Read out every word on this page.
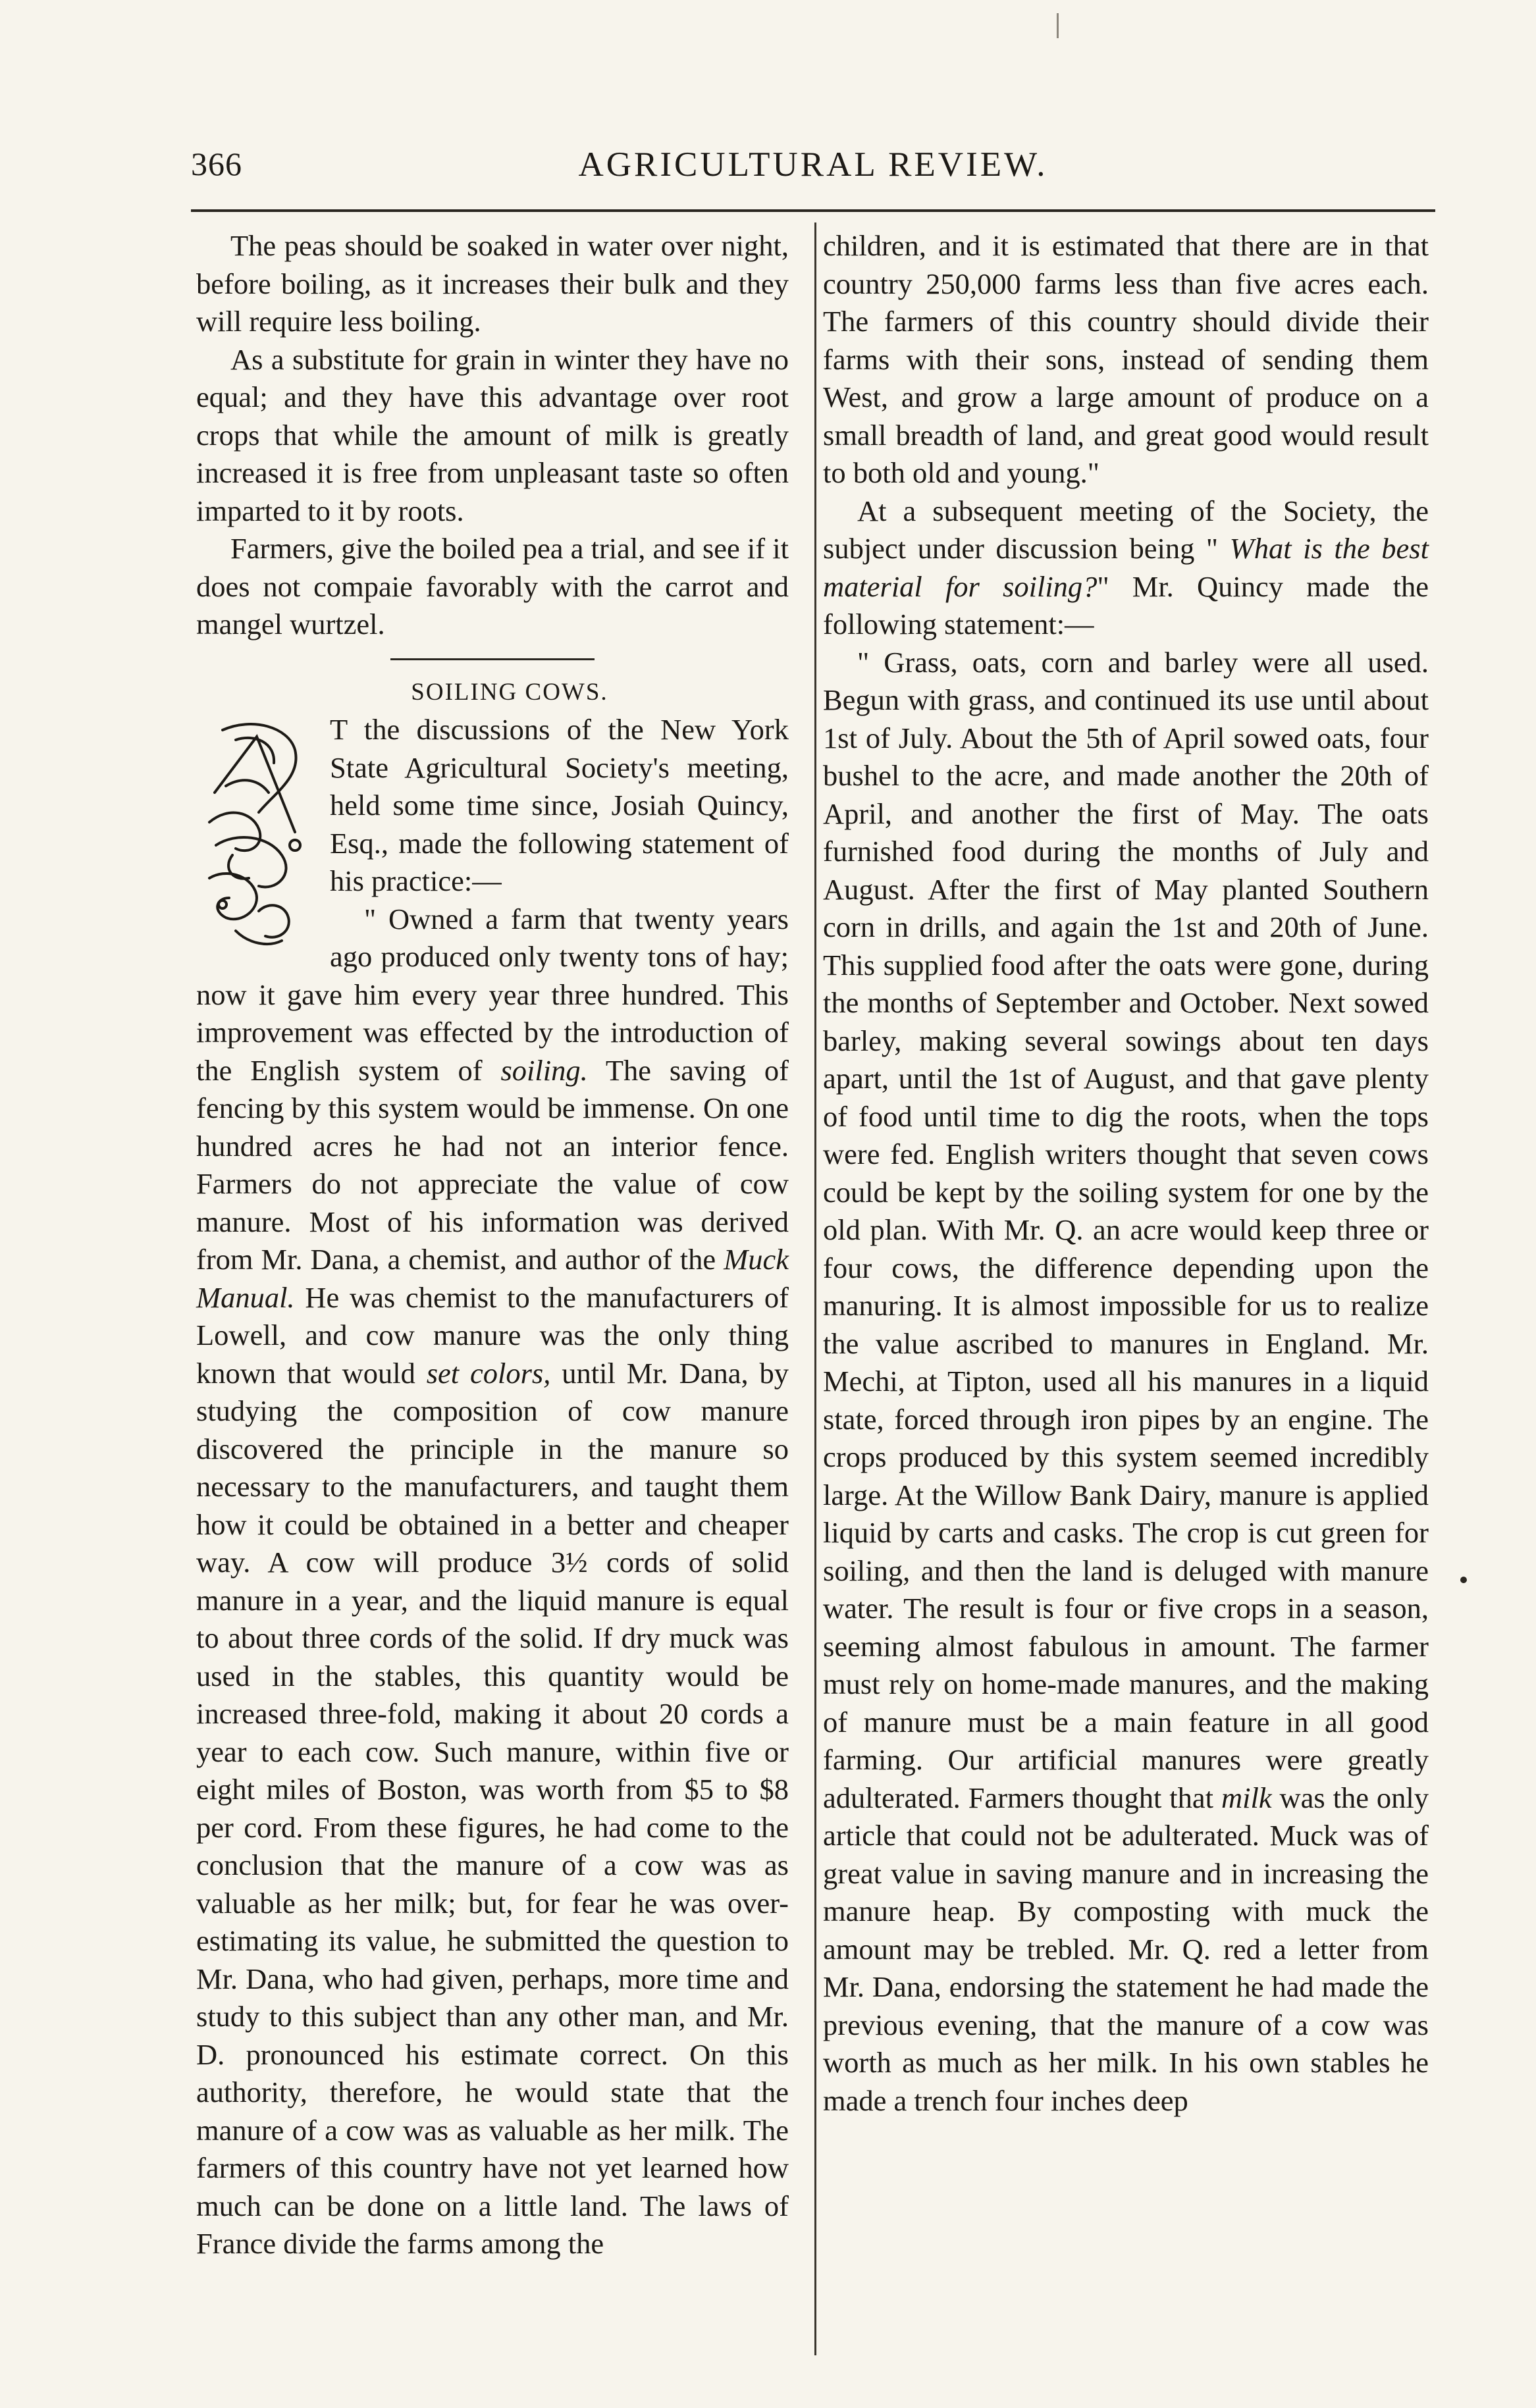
366	AGRICULTURAL REVIEW.

The peas should be soaked in water over night, before boiling, as it increases their bulk and they will require less boiling.

As a substitute for grain in winter they have no equal; and they have this advantage over root crops that while the amount of milk is greatly increased it is free from unpleasant taste so often imparted to it by roots.

Farmers, give the boiled pea a trial, and see if it does not compaie favorably with the carrot and mangel wurtzel.

SOILING COWS.

T the discussions of the New York State Agricultural Society's meeting, held some time since, Josiah Quincy, Esq., made the following statement of his practice:—

" Owned a farm that twenty years ago produced only twenty tons of hay; now it gave him every year three hundred. This improvement was effected by the introduction of the English system of soiling. The saving of fencing by this system would be immense. On one hundred acres he had not an interior fence. Farmers do not appreciate the value of cow manure. Most of his information was derived from Mr. Dana, a chemist, and author of the Muck Manual. He was chemist to the manufacturers of Lowell, and cow manure was the only thing known that would set colors, until Mr. Dana, by studying the composition of cow manure discovered the principle in the manure so necessary to the manufacturers, and taught them how it could be obtained in a better and cheaper way. A cow will produce 3½ cords of solid manure in a year, and the liquid manure is equal to about three cords of the solid. If dry muck was used in the stables, this quantity would be increased three-fold, making it about 20 cords a year to each cow. Such manure, within five or eight miles of Boston, was worth from $5 to $8 per cord. From these figures, he had come to the conclusion that the manure of a cow was as valuable as her milk; but, for fear he was over-estimating its value, he submitted the question to Mr. Dana, who had given, perhaps, more time and study to this subject than any other man, and Mr. D. pronounced his estimate correct. On this authority, therefore, he would state that the manure of a cow was as valuable as her milk. The farmers of this country have not yet learned how much can be done on a little land. The laws of France divide the farms among the

children, and it is estimated that there are in that country 250,000 farms less than five acres each. The farmers of this country should divide their farms with their sons, instead of sending them West, and grow a large amount of produce on a small breadth of land, and great good would result to both old and young."

At a subsequent meeting of the Society, the subject under discussion being " What is the best material for soiling?" Mr. Quincy made the following statement:—

" Grass, oats, corn and barley were all used. Begun with grass, and continued its use until about 1st of July. About the 5th of April sowed oats, four bushel to the acre, and made another the 20th of April, and another the first of May. The oats furnished food during the months of July and August. After the first of May planted Southern corn in drills, and again the 1st and 20th of June. This supplied food after the oats were gone, during the months of September and October. Next sowed barley, making several sowings about ten days apart, until the 1st of August, and that gave plenty of food until time to dig the roots, when the tops were fed. English writers thought that seven cows could be kept by the soiling system for one by the old plan. With Mr. Q. an acre would keep three or four cows, the difference depending upon the manuring. It is almost impossible for us to realize the value ascribed to manures in England. Mr. Mechi, at Tipton, used all his manures in a liquid state, forced through iron pipes by an engine. The crops produced by this system seemed incredibly large. At the Willow Bank Dairy, manure is applied liquid by carts and casks. The crop is cut green for soiling, and then the land is deluged with manure water. The result is four or five crops in a season, seeming almost fabulous in amount. The farmer must rely on home-made manures, and the making of manure must be a main feature in all good farming. Our artificial manures were greatly adulterated. Farmers thought that milk was the only article that could not be adulterated. Muck was of great value in saving manure and in increasing the manure heap. By composting with muck the amount may be trebled. Mr. Q. red a letter from Mr. Dana, endorsing the statement he had made the previous evening, that the manure of a cow was worth as much as her milk. In his own stables he made a trench four inches deep
